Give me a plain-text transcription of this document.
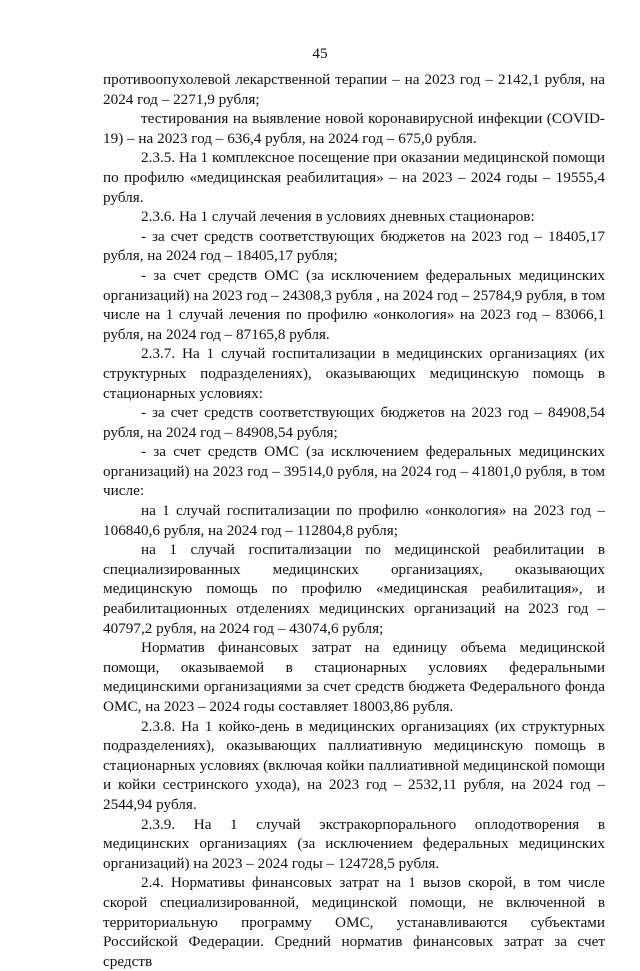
45

противоопухолевой лекарственной терапии – на 2023 год – 2142,1 рубля, на 2024 год – 2271,9 рубля;

тестирования на выявление новой коронавирусной инфекции (COVID-19) – на 2023 год – 636,4 рубля, на 2024 год – 675,0 рубля.

2.3.5. На 1 комплексное посещение при оказании медицинской помощи по профилю «медицинская реабилитация» – на 2023 – 2024 годы – 19555,4 рубля.

2.3.6. На 1 случай лечения в условиях дневных стационаров:

- за счет средств соответствующих бюджетов на 2023 год – 18405,17 рубля, на 2024 год – 18405,17 рубля;

- за счет средств ОМС (за исключением федеральных медицинских организаций) на 2023 год – 24308,3 рубля , на 2024 год – 25784,9 рубля, в том числе на 1 случай лечения по профилю «онкология» на 2023 год – 83066,1 рубля, на 2024 год – 87165,8 рубля.

2.3.7. На 1 случай госпитализации в медицинских организациях (их структурных подразделениях), оказывающих медицинскую помощь в стационарных условиях:

- за счет средств соответствующих бюджетов на 2023 год – 84908,54 рубля, на 2024 год – 84908,54 рубля;

- за счет средств ОМС (за исключением федеральных медицинских организаций) на 2023 год – 39514,0 рубля, на 2024 год – 41801,0 рубля, в том числе:

на 1 случай госпитализации по профилю «онкология» на 2023 год – 106840,6 рубля, на 2024 год – 112804,8 рубля;

на 1 случай госпитализации по медицинской реабилитации в специализированных медицинских организациях, оказывающих медицинскую помощь по профилю «медицинская реабилитация», и реабилитационных отделениях медицинских организаций на 2023 год – 40797,2 рубля, на 2024 год – 43074,6 рубля;

Норматив финансовых затрат на единицу объема медицинской помощи, оказываемой в стационарных условиях федеральными медицинскими организациями за счет средств бюджета Федерального фонда ОМС, на 2023 – 2024 годы составляет 18003,86 рубля.

2.3.8. На 1 койко-день в медицинских организациях (их структурных подразделениях), оказывающих паллиативную медицинскую помощь в стационарных условиях (включая койки паллиативной медицинской помощи и койки сестринского ухода), на 2023 год – 2532,11 рубля, на 2024 год – 2544,94 рубля.

2.3.9. На 1 случай экстракорпорального оплодотворения в медицинских организациях (за исключением федеральных медицинских организаций) на 2023 – 2024 годы – 124728,5 рубля.

2.4. Нормативы финансовых затрат на 1 вызов скорой, в том числе скорой специализированной, медицинской помощи, не включенной в территориальную программу ОМС, устанавливаются субъектами Российской Федерации. Средний норматив финансовых затрат за счет средств
